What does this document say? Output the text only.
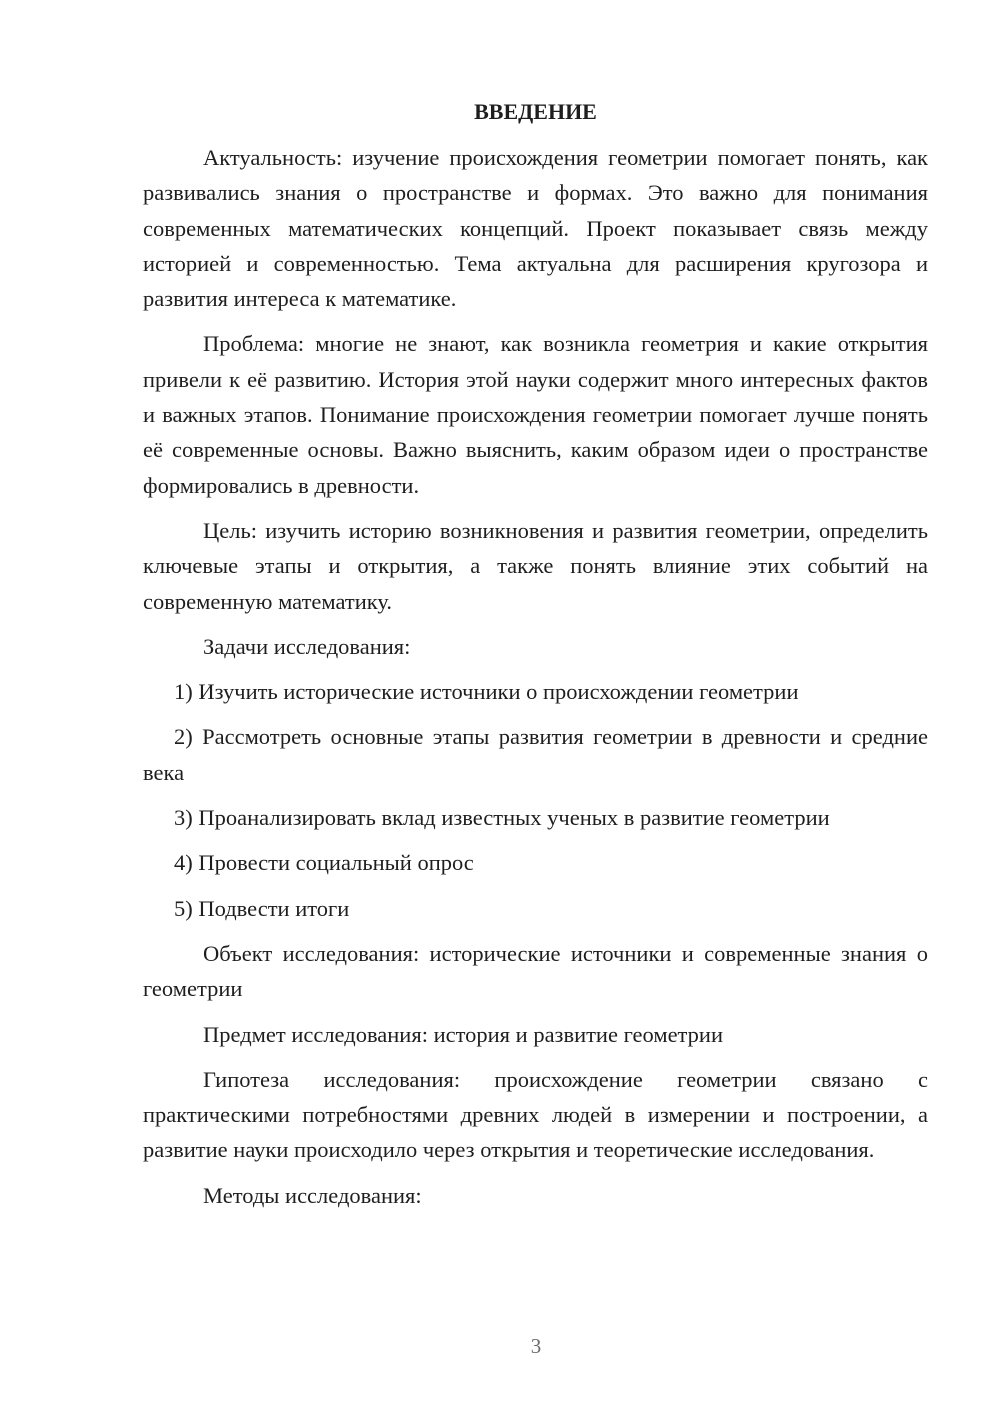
ВВЕДЕНИЕ

Актуальность: изучение происхождения геометрии помогает понять, как развивались знания о пространстве и формах. Это важно для понимания современных математических концепций. Проект показывает связь между историей и современностью. Тема актуальна для расширения кругозора и развития интереса к математике.

Проблема: многие не знают, как возникла геометрия и какие открытия привели к её развитию. История этой науки содержит много интересных фактов и важных этапов. Понимание происхождения геометрии помогает лучше понять её современные основы. Важно выяснить, каким образом идеи о пространстве формировались в древности.

Цель: изучить историю возникновения и развития геометрии, определить ключевые этапы и открытия, а также понять влияние этих событий на современную математику.

Задачи исследования:

1) Изучить исторические источники о происхождении геометрии

2) Рассмотреть основные этапы развития геометрии в древности и средние века

3) Проанализировать вклад известных ученых в развитие геометрии

4) Провести социальный опрос

5) Подвести итоги

Объект исследования: исторические источники и современные знания о геометрии

Предмет исследования: история и развитие геометрии

Гипотеза исследования: происхождение геометрии связано с практическими потребностями древних людей в измерении и построении, а развитие науки происходило через открытия и теоретические исследования.

Методы исследования:

3
